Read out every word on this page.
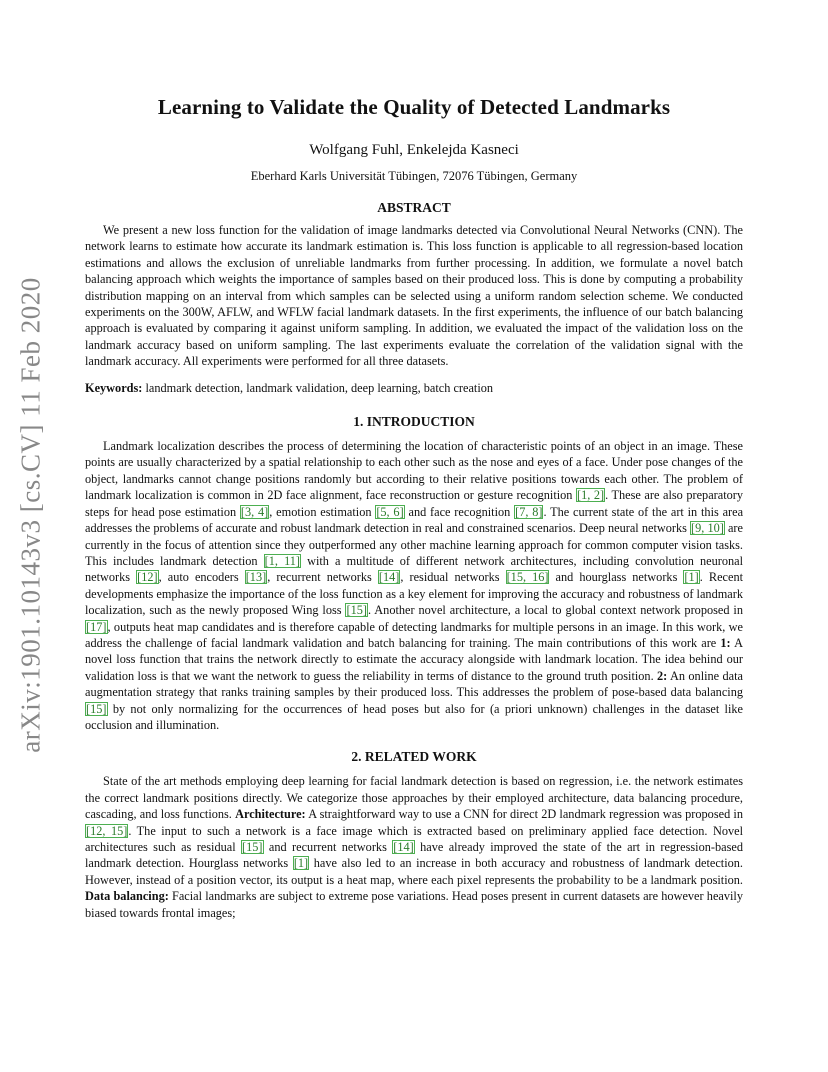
arXiv:1901.10143v3 [cs.CV] 11 Feb 2020
Learning to Validate the Quality of Detected Landmarks
Wolfgang Fuhl, Enkelejda Kasneci
Eberhard Karls Universität Tübingen, 72076 Tübingen, Germany
ABSTRACT

We present a new loss function for the validation of image landmarks detected via Convolutional Neural Networks (CNN). The network learns to estimate how accurate its landmark estimation is. This loss function is applicable to all regression-based location estimations and allows the exclusion of unreliable landmarks from further processing. In addition, we formulate a novel batch balancing approach which weights the importance of samples based on their produced loss. This is done by computing a probability distribution mapping on an interval from which samples can be selected using a uniform random selection scheme. We conducted experiments on the 300W, AFLW, and WFLW facial landmark datasets. In the first experiments, the influence of our batch balancing approach is evaluated by comparing it against uniform sampling. In addition, we evaluated the impact of the validation loss on the landmark accuracy based on uniform sampling. The last experiments evaluate the correlation of the validation signal with the landmark accuracy. All experiments were performed for all three datasets.

Keywords: landmark detection, landmark validation, deep learning, batch creation

1. INTRODUCTION

Landmark localization describes the process of determining the location of characteristic points of an object in an image. These points are usually characterized by a spatial relationship to each other such as the nose and eyes of a face. Under pose changes of the object, landmarks cannot change positions randomly but according to their relative positions towards each other. The problem of landmark localization is common in 2D face alignment, face reconstruction or gesture recognition [1, 2]. These are also preparatory steps for head pose estimation [3, 4], emotion estimation [5, 6] and face recognition [7, 8]. The current state of the art in this area addresses the problems of accurate and robust landmark detection in real and constrained scenarios. Deep neural networks [9, 10] are currently in the focus of attention since they outperformed any other machine learning approach for common computer vision tasks. This includes landmark detection [1, 11] with a multitude of different network architectures, including convolution neuronal networks [12], auto encoders [13], recurrent networks [14], residual networks [15, 16] and hourglass networks [1]. Recent developments emphasize the importance of the loss function as a key element for improving the accuracy and robustness of landmark localization, such as the newly proposed Wing loss [15]. Another novel architecture, a local to global context network proposed in [17], outputs heat map candidates and is therefore capable of detecting landmarks for multiple persons in an image. In this work, we address the challenge of facial landmark validation and batch balancing for training. The main contributions of this work are 1: A novel loss function that trains the network directly to estimate the accuracy alongside with landmark location. The idea behind our validation loss is that we want the network to guess the reliability in terms of distance to the ground truth position. 2: An online data augmentation strategy that ranks training samples by their produced loss. This addresses the problem of pose-based data balancing [15] by not only normalizing for the occurrences of head poses but also for (a priori unknown) challenges in the dataset like occlusion and illumination.

2. RELATED WORK

State of the art methods employing deep learning for facial landmark detection is based on regression, i.e. the network estimates the correct landmark positions directly. We categorize those approaches by their employed architecture, data balancing procedure, cascading, and loss functions. Architecture: A straightforward way to use a CNN for direct 2D landmark regression was proposed in [12, 15]. The input to such a network is a face image which is extracted based on preliminary applied face detection. Novel architectures such as residual [15] and recurrent networks [14] have already improved the state of the art in regression-based landmark detection. Hourglass networks [1] have also led to an increase in both accuracy and robustness of landmark detection. However, instead of a position vector, its output is a heat map, where each pixel represents the probability to be a landmark position. Data balancing: Facial landmarks are subject to extreme pose variations. Head poses present in current datasets are however heavily biased towards frontal images;
